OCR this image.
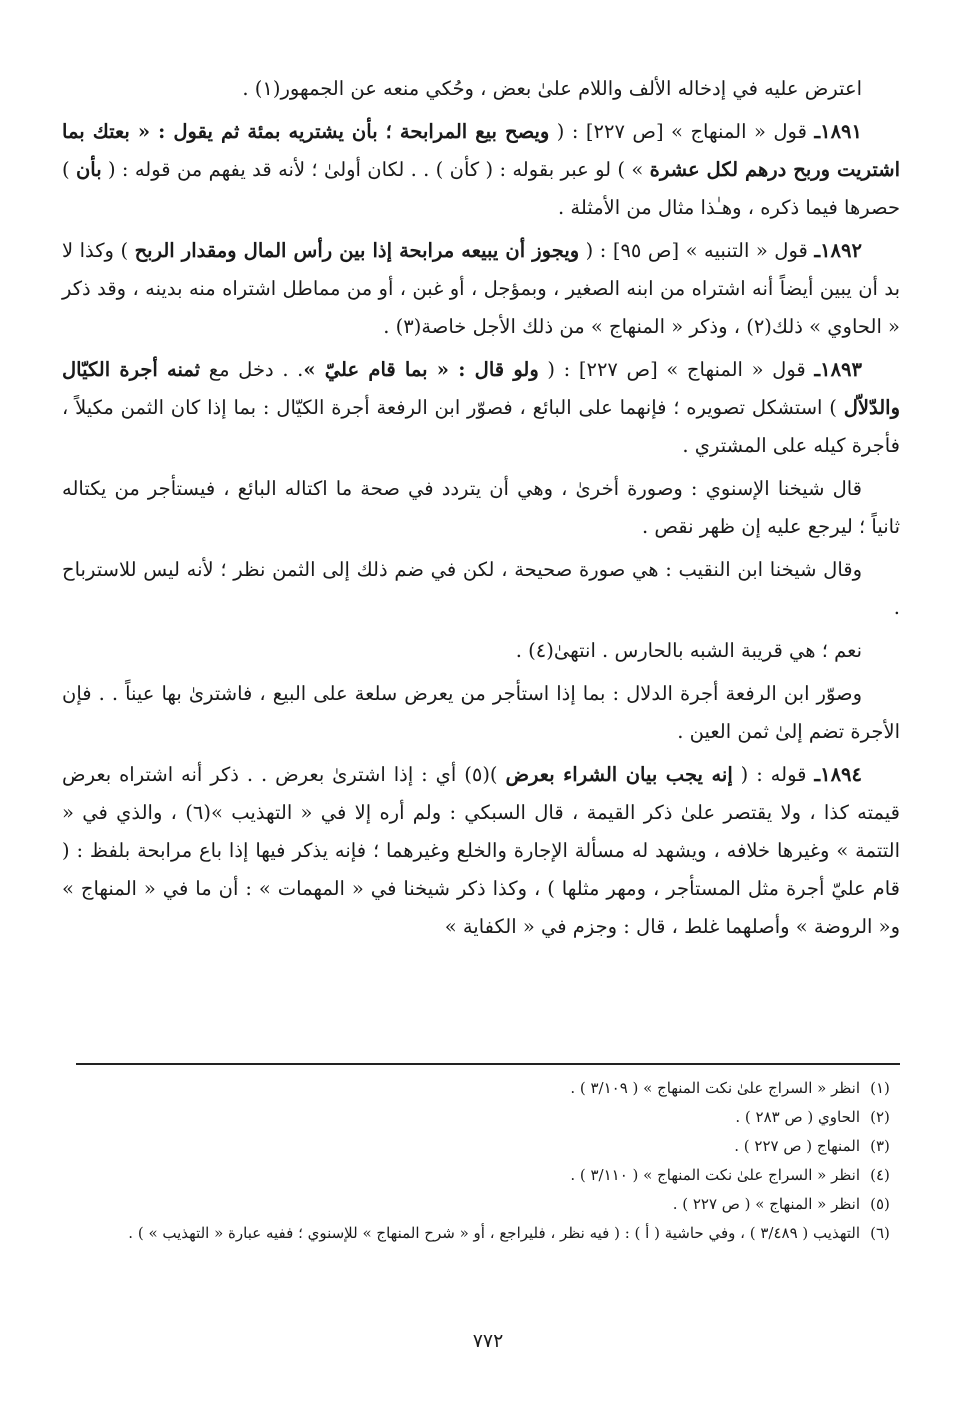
اعترض عليه في إدخاله الألف واللام علىٰ بعض ، وحُكي منعه عن الجمهور(١) .

١٨٩١ـ قول « المنهاج » [ص ٢٢٧] : ( ويصح بيع المرابحة ؛ بأن يشتريه بمئة ثم يقول : « بعتك بما اشتريت وربح درهم لكل عشرة » ) لو عبر بقوله : ( كأن ) . . لكان أولىٰ ؛ لأنه قد يفهم من قوله : ( بأن ) حصرها فيما ذكره ، وهـٰذا مثال من الأمثلة .

١٨٩٢ـ قول « التنبيه » [ص ٩٥] : ( ويجوز أن يبيعه مرابحة إذا بين رأس المال ومقدار الربح ) وكذا لا بد أن يبين أيضاً أنه اشتراه من ابنه الصغير ، وبمؤجل ، أو غبن ، أو من مماطل اشتراه منه بدينه ، وقد ذكر « الحاوي » ذلك(٢) ، وذكر « المنهاج » من ذلك الأجل خاصة(٣) .

١٨٩٣ـ قول « المنهاج » [ص ٢٢٧] : ( ولو قال : « بما قام عليّ ». . دخل مع ثمنه أجرة الكيّال والدّلاّل ) استشكل تصويره ؛ فإنهما على البائع ، فصوّر ابن الرفعة أجرة الكيّال : بما إذا كان الثمن مكيلاً ، فأجرة كيله على المشتري .

قال شيخنا الإسنوي : وصورة أخرىٰ ، وهي أن يتردد في صحة ما اكتاله البائع ، فيستأجر من يكتاله ثانياً ؛ ليرجع عليه إن ظهر نقص .

وقال شيخنا ابن النقيب : هي صورة صحيحة ، لكن في ضم ذلك إلى الثمن نظر ؛ لأنه ليس للاسترباح .

نعم ؛ هي قريبة الشبه بالحارس . انتهىٰ(٤) .

وصوّر ابن الرفعة أجرة الدلال : بما إذا استأجر من يعرض سلعة على البيع ، فاشترىٰ بها عيناً . . فإن الأجرة تضم إلىٰ ثمن العين .

١٨٩٤ـ قوله : ( إنه يجب بيان الشراء بعرض )(٥) أي : إذا اشترىٰ بعرض . . ذكر أنه اشتراه بعرض قيمته كذا ، ولا يقتصر علىٰ ذكر القيمة ، قال السبكي : ولم أره إلا في « التهذيب »(٦) ، والذي في « التتمة » وغيرها خلافه ، ويشهد له مسألة الإجارة والخلع وغيرهما ؛ فإنه يذكر فيها إذا باع مرابحة بلفظ : ( قام عليّ أجرة مثل المستأجر ، ومهر مثلها ) ، وكذا ذكر شيخنا في « المهمات » : أن ما في « المنهاج » و« الروضة » وأصلهما غلط ، قال : وجزم في « الكفاية »

(١)
انظر « السراج علىٰ نكت المنهاج » ( ٣/١٠٩ ) .
(٢)
الحاوي ( ص ٢٨٣ ) .
(٣)
المنهاج ( ص ٢٢٧ ) .
(٤)
انظر « السراج علىٰ نكت المنهاج » ( ٣/١١٠ ) .
(٥)
انظر « المنهاج » ( ص ٢٢٧ ) .
(٦)
التهذيب ( ٣/٤٨٩ ) ، وفي حاشية ( أ ) : ( فيه نظر ، فليراجع ، أو « شرح المنهاج » للإسنوي ؛ ففيه عبارة « التهذيب » ) .
٧٧٢
